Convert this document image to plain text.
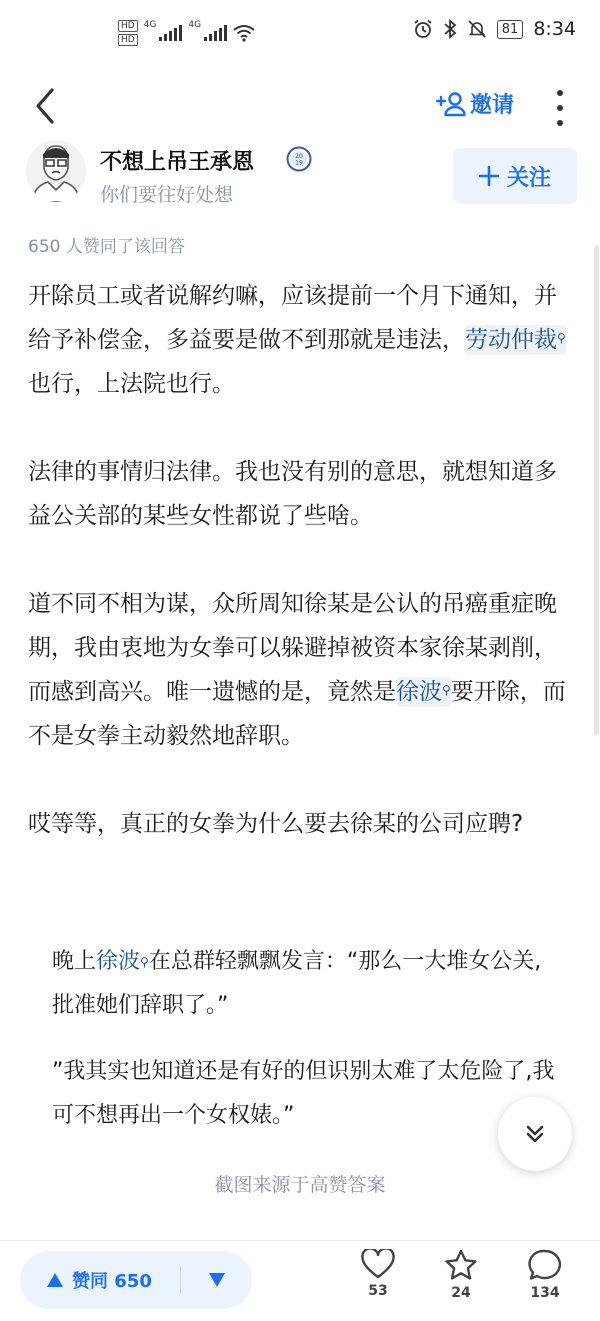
HD
HD
4G	4G	81 8:34
邀请
不想上吊王承恩	20
19
你们要往好处想
关注
650 人赞同了该回答

开除员工或者说解约嘛，应该提前一个月下通知，并给予补偿金，多益要是做不到那就是违法，劳动仲裁⚲也行，上法院也行。

法律的事情归法律。我也没有别的意思，就想知道多益公关部的某些女性都说了些啥。

道不同不相为谋，众所周知徐某是公认的吊癌重症晚期，我由衷地为女拳可以躲避掉被资本家徐某剥削，而感到高兴。唯一遗憾的是，竟然是徐波⚲要开除，而不是女拳主动毅然地辞职。

哎等等，真正的女拳为什么要去徐某的公司应聘?

晚上徐波⚲在总群轻飘飘发言：“那么一大堆女公关,批准她们辞职了。”

”我其实也知道还是有好的但识别太难了太危险了,我可不想再出一个女权婊。”

截图来源于高赞答案
赞同 650	53	24	134
